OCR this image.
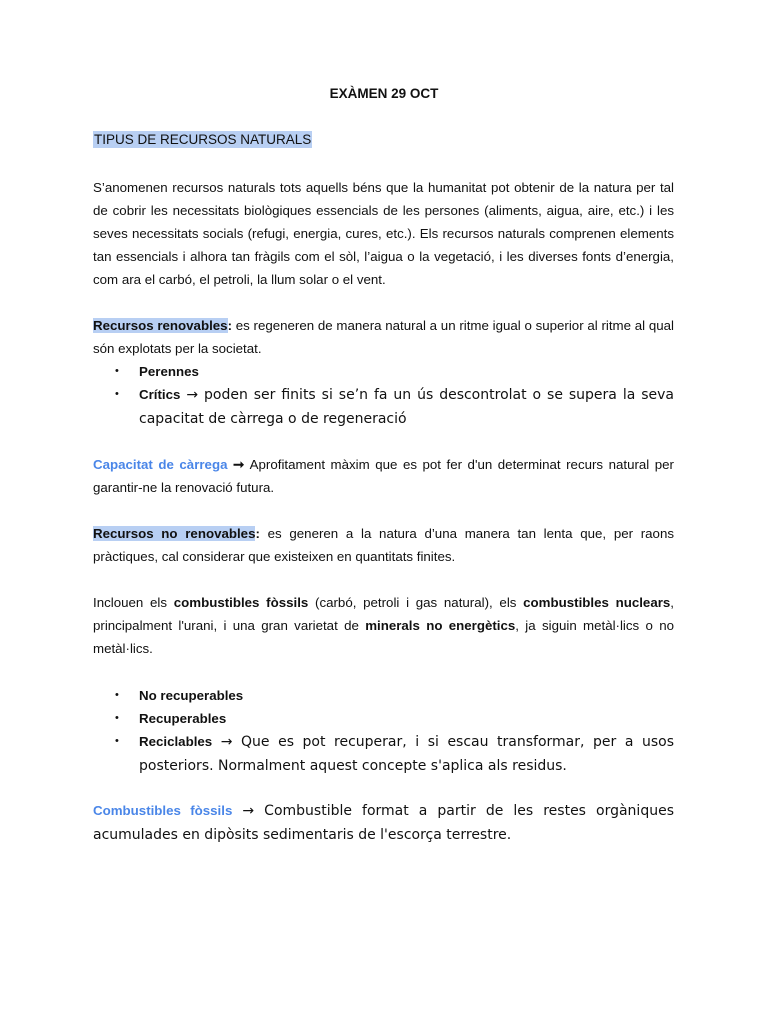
EXÀMEN 29 OCT
TIPUS DE RECURSOS NATURALS

S’anomenen recursos naturals tots aquells béns que la humanitat pot obtenir de la natura per tal de cobrir les necessitats biològiques essencials de les persones (aliments, aigua, aire, etc.) i les seves necessitats socials (refugi, energia, cures, etc.). Els recursos naturals comprenen elements tan essencials i alhora tan fràgils com el sòl, l’aigua o la vegetació, i les diverses fonts d’energia, com ara el carbó, el petroli, la llum solar o el vent.

Recursos renovables: es regeneren de manera natural a un ritme igual o superior al ritme al qual són explotats per la societat.

• Perennes
• Crítics → poden ser finits si se’n fa un ús descontrolat o se supera la seva capacitat de càrrega o de regeneració

Capacitat de càrrega ➞ Aprofitament màxim que es pot fer d'un determinat recurs natural per garantir-ne la renovació futura.

Recursos no renovables: es generen a la natura d’una manera tan lenta que, per raons pràctiques, cal considerar que existeixen en quantitats finites.

Inclouen els combustibles fòssils (carbó, petroli i gas natural), els combustibles nuclears, principalment l'urani, i una gran varietat de minerals no energètics, ja siguin metàl·lics o no metàl·lics.

• No recuperables
• Recuperables
• Reciclables → Que es pot recuperar, i si escau transformar, per a usos posteriors. Normalment aquest concepte s'aplica als residus.

Combustibles fòssils → Combustible format a partir de les restes orgàniques acumulades en dipòsits sedimentaris de l'escorça terrestre.
